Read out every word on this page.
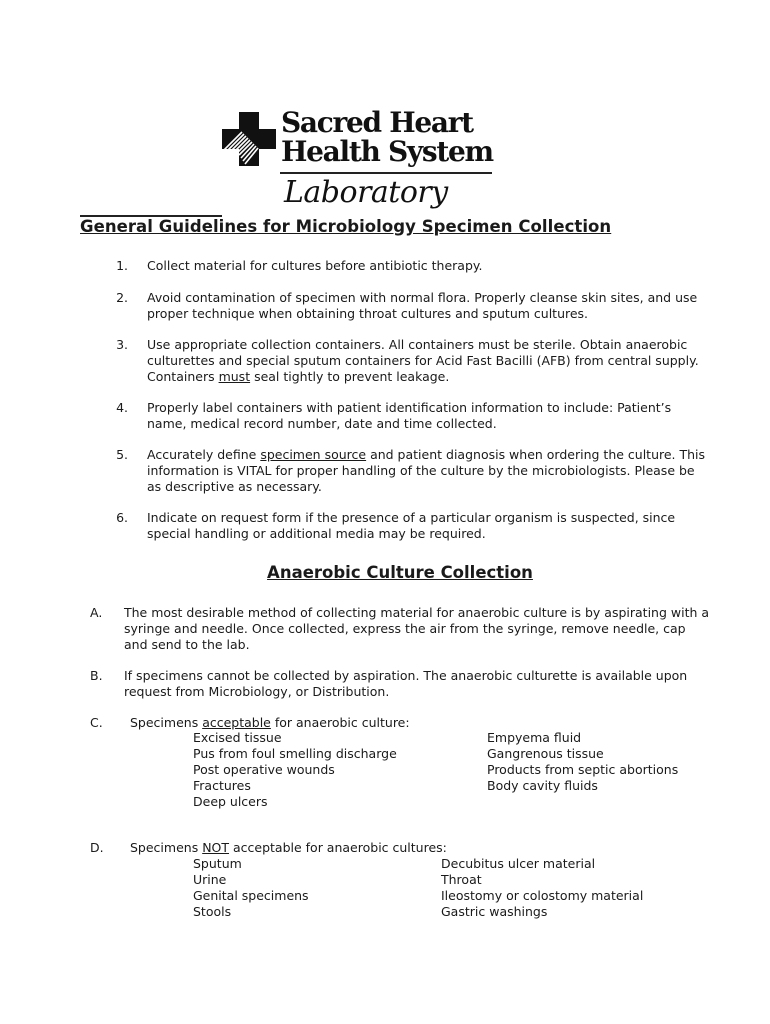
Sacred Heart
Health System
Laboratory
General Guidelines for Microbiology Specimen Collection
1. Collect material for cultures before antibiotic therapy.
2. Avoid contamination of specimen with normal flora. Properly cleanse skin sites, and use
proper technique when obtaining throat cultures and sputum cultures.
3. Use appropriate collection containers. All containers must be sterile. Obtain anaerobic
culturettes and special sputum containers for Acid Fast Bacilli (AFB) from central supply.
Containers must seal tightly to prevent leakage.
4. Properly label containers with patient identification information to include: Patient’s
name, medical record number, date and time collected.
5. Accurately define specimen source and patient diagnosis when ordering the culture. This
information is VITAL for proper handling of the culture by the microbiologists. Please be
as descriptive as necessary.
6. Indicate on request form if the presence of a particular organism is suspected, since
special handling or additional media may be required.
Anaerobic Culture Collection
A. The most desirable method of collecting material for anaerobic culture is by aspirating with a
syringe and needle. Once collected, express the air from the syringe, remove needle, cap
and send to the lab.
B. If specimens cannot be collected by aspiration. The anaerobic culturette is available upon
request from Microbiology, or Distribution.
C. Specimens acceptable for anaerobic culture:
Excised tissue
Pus from foul smelling discharge
Post operative wounds
Fractures
Deep ulcers
Empyema fluid
Gangrenous tissue
Products from septic abortions
Body cavity fluids
D. Specimens NOT acceptable for anaerobic cultures:
Sputum
Urine
Genital specimens
Stools
Decubitus ulcer material
Throat
Ileostomy or colostomy material
Gastric washings
